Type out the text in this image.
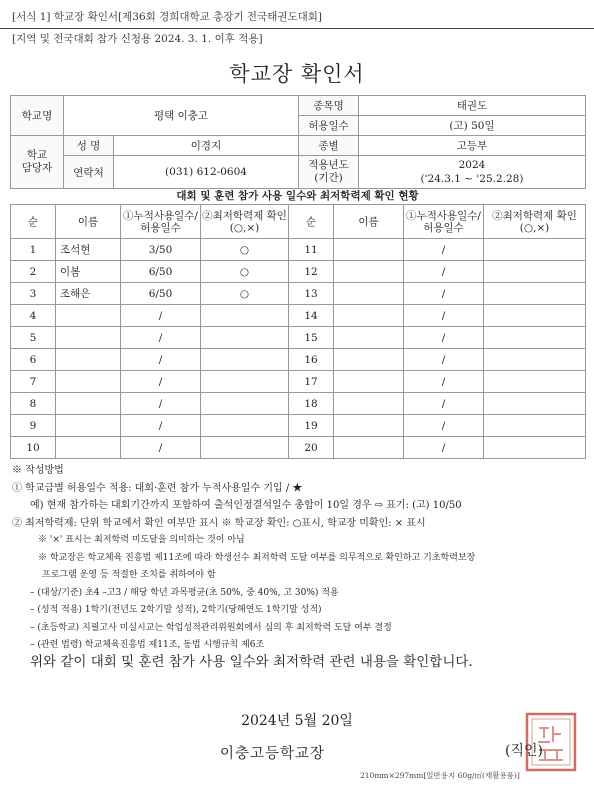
[서식 1] 학교장 확인서[제36회 경희대학교 총장기 전국태권도대회]
[지역 및 전국대회 참가 신청용 2024. 3. 1. 이후 적용]
학교장 확인서
학교명	평택 이충고		종목명	태권도
			허용일수	(고) 50일
학교 담당자	성 명	이경지	종별	고등부
	연락처	(031) 612-0604	적용년도 (기간)	2024
('24.3.1 ~ '25.2.28)
대회 및 훈련 참가 사용 일수와 최저학력제 확인 현황
순	이름	①누적사용일수/ 허용일수	②최저학력제 확인(○,×)	순	이름	①누적사용일수/ 허용일수	②최저학력제 확인(○,×)
1	조석현	3/50	○	11		/	
2	이봄	6/50	○	12		/	
3	조해은	6/50	○	13		/	
4		/		14		/	
5		/		15		/	
6		/		16		/	
7		/		17		/	
8		/		18		/	
9		/		19		/	
10		/		20		/	
※ 작성방법
① 학교급별 허용일수 적용: 대회·훈련 참가 누적사용일수 기입 / ★
예) 현재 참가하는 대회기간까지 포함하여 출석인정결석일수 총합이 10일 경우 ⇨ 표기: (고) 10/50
② 최저학력제: 단위 학교에서 확인 여부만 표시 ※ 학교장 확인: ○표시, 학교장 미확인: × 표시
※ '×' 표시는 최저학력 미도달을 의미하는 것이 아님
※ 학교장은 학교체육 진흥법 제11조에 따라 학생선수 최저학력 도달 여부를 의무적으로 확인하고 기초학력보장
프로그램 운영 등 적절한 조치를 취하여야 함
– (대상/기준) 초4 –고3 / 해당 학년 과목평균(초 50%, 중 40%, 고 30%) 적용
– (성적 적용) 1학기(전년도 2학기말 성적), 2학기(당해연도 1학기말 성적)
– (초등학교) 지필고사 미실시교는 학업성적관리위원회에서 심의 후 최저학력 도달 여부 결정
– (관련 법령) 학교체육진흥법 제11조, 동법 시행규칙 제6조
위와 같이 대회 및 훈련 참가 사용 일수와 최저학력 관련 내용을 확인합니다.
2024년 5월 20일
이충고등학교장	(직인)
210mm×297mm[일반용지 60g/㎡(재활용품)]
